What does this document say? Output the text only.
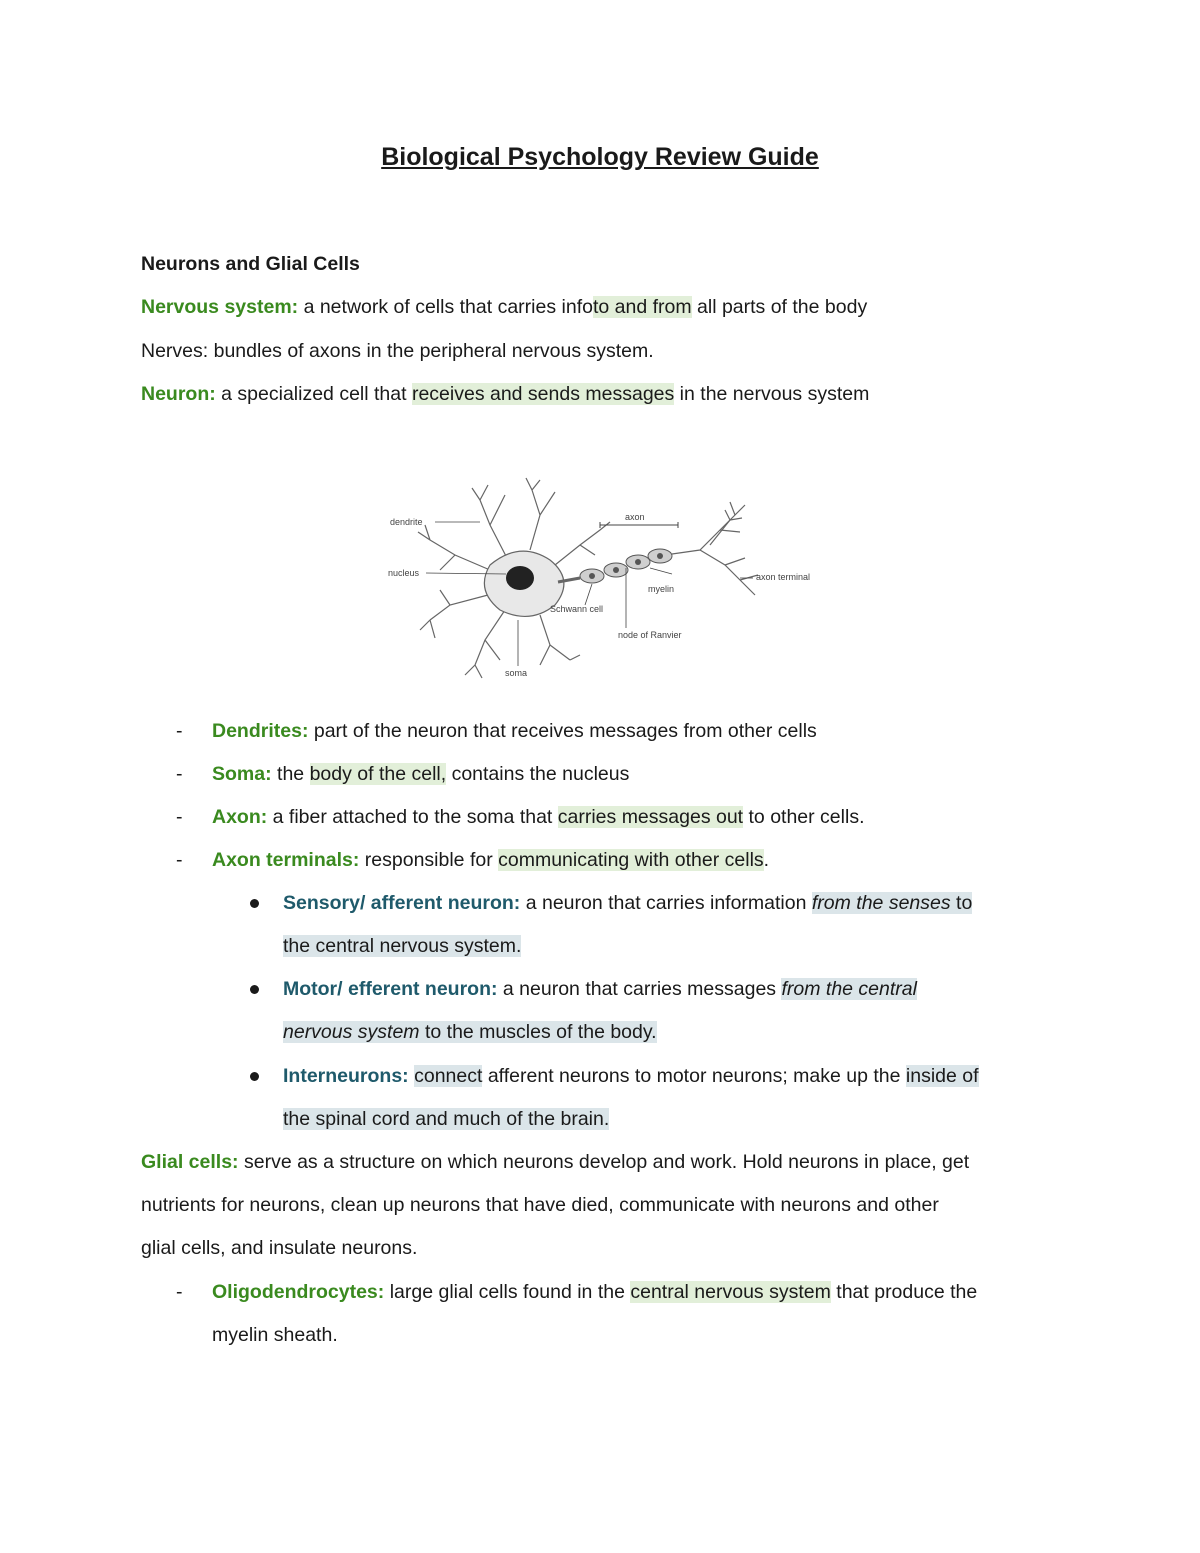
Biological Psychology Review Guide
Neurons and Glial Cells
Nervous system: a network of cells that carries infoto and from all parts of the body
Nerves: bundles of axons in the peripheral nervous system.
Neuron: a specialized cell that receives and sends messages in the nervous system
dendrite
nucleus
axon
myelin
axon terminal
Schwann cell
node of Ranvier
soma
- Dendrites: part of the neuron that receives messages from other cells
- Soma: the body of the cell, contains the nucleus
- Axon: a fiber attached to the soma that carries messages out to other cells.
- Axon terminals: responsible for communicating with other cells.
Sensory/ afferent neuron: a neuron that carries information from the senses to
the central nervous system.
Motor/ efferent neuron: a neuron that carries messages from the central
nervous system to the muscles of the body.
Interneurons: connect afferent neurons to motor neurons; make up the inside of
the spinal cord and much of the brain.
Glial cells: serve as a structure on which neurons develop and work. Hold neurons in place, get
nutrients for neurons, clean up neurons that have died, communicate with neurons and other
glial cells, and insulate neurons.
- Oligodendrocytes: large glial cells found in the central nervous system that produce the
myelin sheath.
